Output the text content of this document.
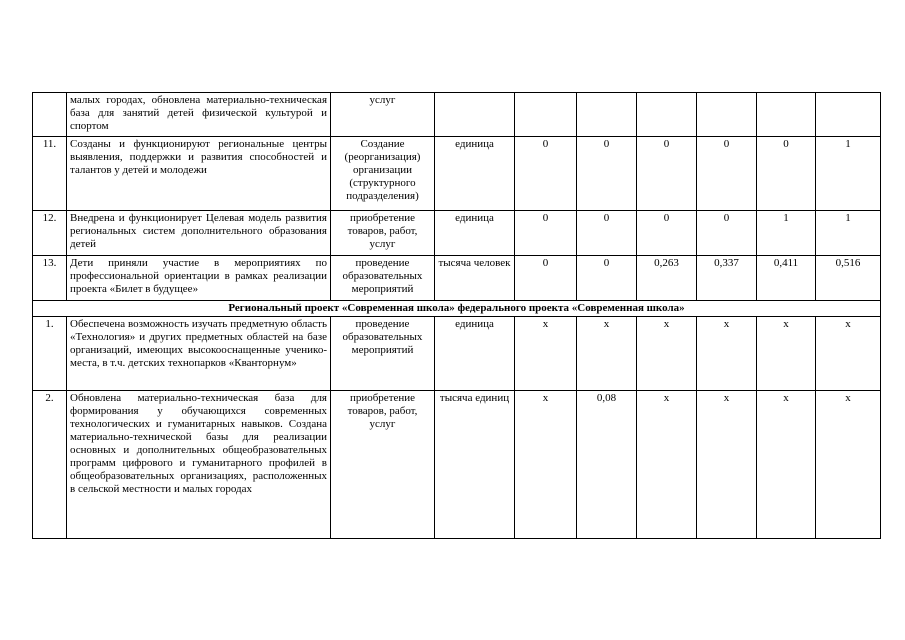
	малых городах, обновлена материально-техническая база для занятий детей физической культурой и спортом	услуг							
11.	Созданы и функционируют региональные центры выявления, поддержки и развития способностей и талантов у детей и молодежи	Создание (реорганизация) организации (структурного подразделения)	единица	0	0	0	0	0	1
12.	Внедрена и функционирует Целевая модель развития региональных систем дополнительного образования детей	приобретение товаров, работ, услуг	единица	0	0	0	0	1	1
13.	Дети приняли участие в мероприятиях по профессиональной ориентации в рамках реализации проекта «Билет в будущее»	проведение образовательных мероприятий	тысяча человек	0	0	0,263	0,337	0,411	0,516
Региональный проект «Современная школа» федерального проекта «Современная школа»									
1.	Обеспечена возможность изучать предметную область «Технология» и других предметных областей на базе организаций, имеющих высокооснащенные ученико-места, в т.ч. детских технопарков «Кванторнум»	проведение образовательных мероприятий	единица	х	х	х	х	х	х
2.	Обновлена материально-техническая база для формирования у обучающихся современных технологических и гуманитарных навыков. Создана материально-технической базы для реализации основных и дополнительных общеобразовательных программ цифрового и гуманитарного профилей в общеобразовательных организациях, расположенных в сельской местности и малых городах	приобретение товаров, работ, услуг	тысяча единиц	х	0,08	х	х	х	х
